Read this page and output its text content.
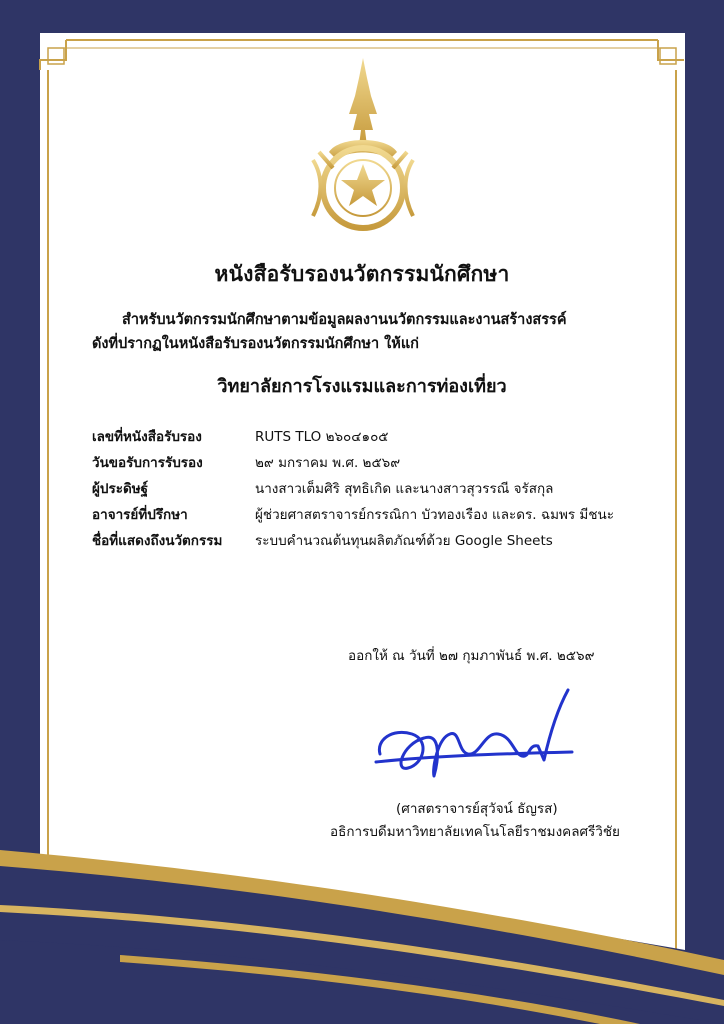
หนังสือรับรองนวัตกรรมนักศึกษา
สำหรับนวัตกรรมนักศึกษาตามข้อมูลผลงานนวัตกรรมและงานสร้างสรรค์
ดังที่ปรากฏในหนังสือรับรองนวัตกรรมนักศึกษา ให้แก่
วิทยาลัยการโรงแรมและการท่องเที่ยว
เลขที่หนังสือรับรอง	RUTS TLO ๒๖๐๔๑๐๕
วันขอรับการรับรอง	๒๙ มกราคม พ.ศ. ๒๕๖๙
ผู้ประดิษฐ์	นางสาวเต็มศิริ สุทธิเกิด และนางสาวสุวรรณี จรัสกุล
อาจารย์ที่ปรึกษา	ผู้ช่วยศาสตราจารย์กรรณิกา บัวทองเรือง และดร. ฉมพร มีชนะ
ชื่อที่แสดงถึงนวัตกรรม	ระบบคำนวณต้นทุนผลิตภัณฑ์ด้วย Google Sheets
ออกให้ ณ วันที่ ๒๗ กุมภาพันธ์ พ.ศ. ๒๕๖๙
(ศาสตราจารย์สุวัจน์ ธัญรส)
อธิการบดีมหาวิทยาลัยเทคโนโลยีราชมงคลศรีวิชัย
